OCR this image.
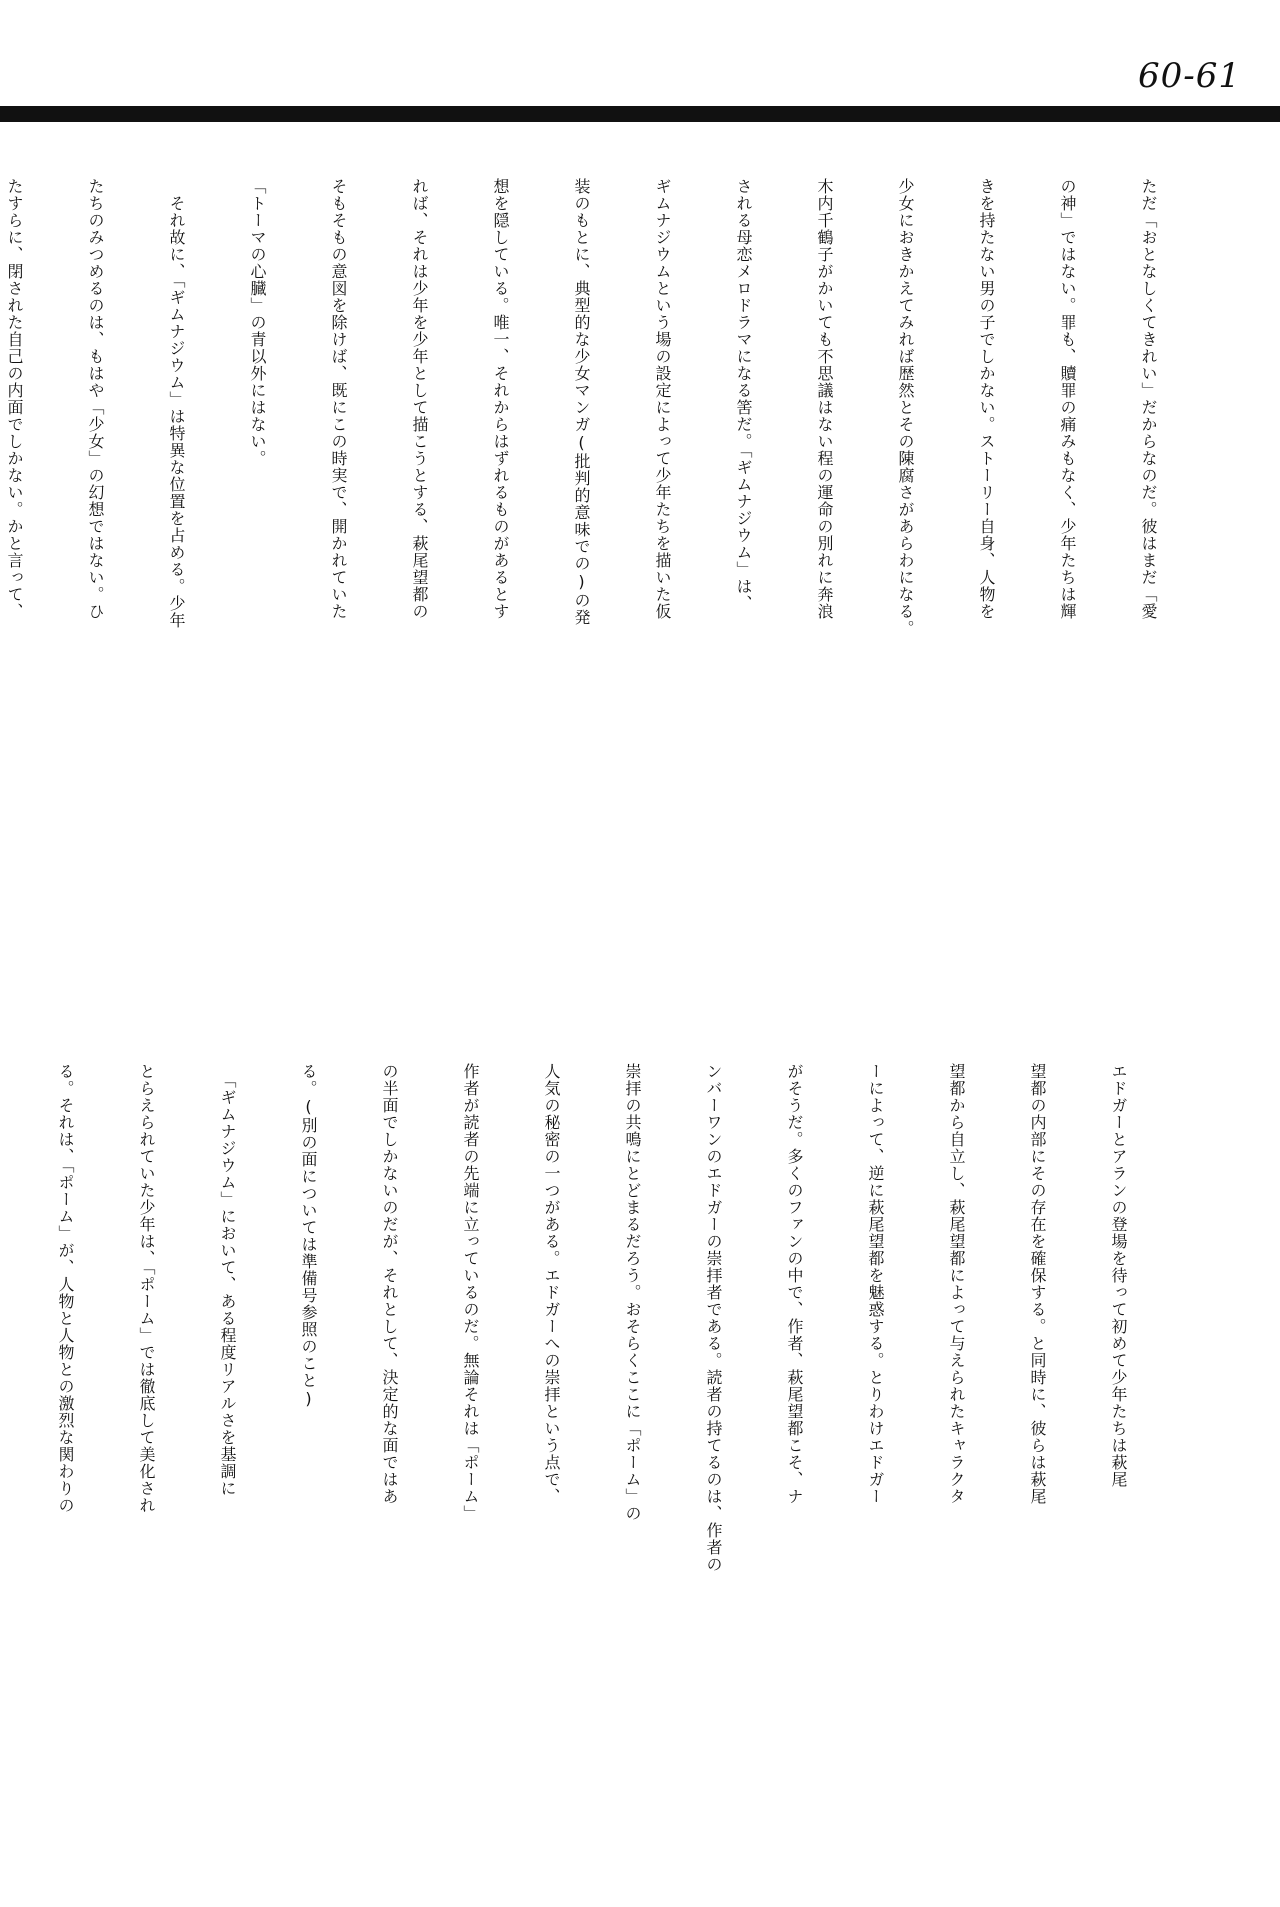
60-61

ただ「おとなしくてきれい」だからなのだ。彼はまだ「愛

の神」ではない。罪も、贖罪の痛みもなく、少年たちは輝

きを持たない男の子でしかない。ストーリー自身、人物を

少女におきかえてみれば歴然とその陳腐さがあらわになる。

木内千鶴子がかいても不思議はない程の運命の別れに奔浪

される母恋メロドラマになる筈だ。「ギムナジウム」は、

ギムナジウムという場の設定によって少年たちを描いた仮

装のもとに、典型的な少女マンガ(批判的意味での)の発

想を隠している。唯一、それからはずれるものがあるとす

れば、それは少年を少年として描こうとする、萩尾望都の

そもそもの意図を除けば、既にこの時実で、開かれていた

「トーマの心臓」の青以外にはない。

　それ故に、「ギムナジウム」は特異な位置を占める。少年

たちのみつめるのは、もはや「少女」の幻想ではない。ひ

たすらに、閉された自己の内面でしかない。かと言って、

エドガーとアランの登場を待って初めて少年たちは萩尾

望都の内部にその存在を確保する。と同時に、彼らは萩尾

望都から自立し、萩尾望都によって与えられたキャラクタ

ーによって、逆に萩尾望都を魅惑する。とりわけエドガー

がそうだ。多くのファンの中で、作者、萩尾望都こそ、ナ

ンバーワンのエドガーの崇拝者である。読者の持てるのは、作者の

崇拝の共鳴にとどまるだろう。おそらくここに「ポーム」の

人気の秘密の一つがある。エドガーへの崇拝という点で、

作者が読者の先端に立っているのだ。無論それは「ポーム」

の半面でしかないのだが、それとして、決定的な面ではあ

る。(別の面については準備号参照のこと)

　「ギムナジウム」において、ある程度リアルさを基調に

とらえられていた少年は、「ポーム」では徹底して美化され

る。それは、「ポーム」が、人物と人物との激烈な関わりの
